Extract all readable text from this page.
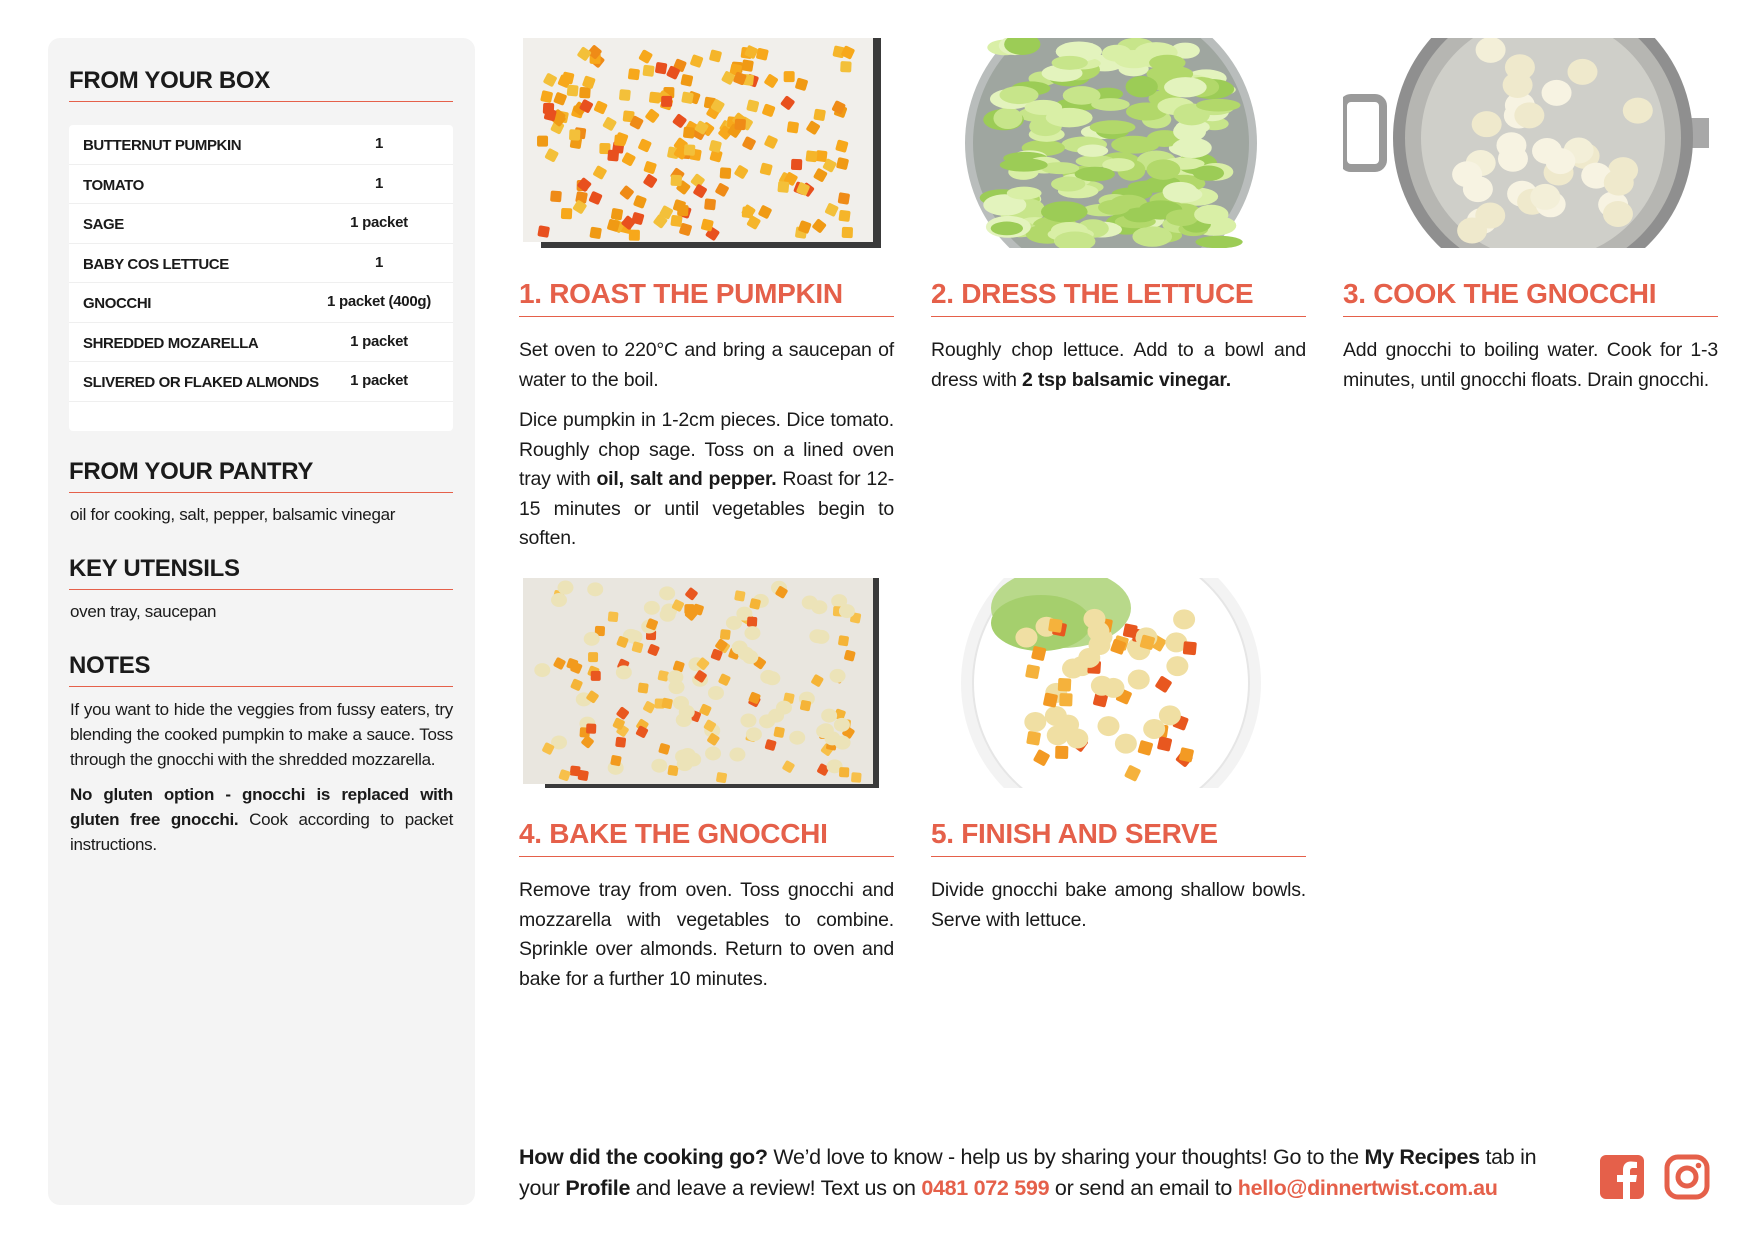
FROM YOUR BOX
BUTTERNUT PUMPKIN	1
TOMATO	1
SAGE	1 packet
BABY COS LETTUCE	1
GNOCCHI	1 packet (400g)
SHREDDED MOZARELLA	1 packet
SLIVERED OR FLAKED ALMONDS	1 packet
FROM YOUR PANTRY
oil for cooking, salt, pepper, balsamic vinegar
KEY UTENSILS
oven tray, saucepan
NOTES

If you want to hide the veggies from fussy eaters, try blending the cooked pumpkin to make a sauce. Toss through the gnocchi with the shredded mozzarella.

No gluten option - gnocchi is replaced with gluten free gnocchi. Cook according to packet instructions.

1. ROAST THE PUMPKIN

Set oven to 220°C and bring a saucepan of water to the boil.

Dice pumpkin in 1-2cm pieces. Dice tomato. Roughly chop sage. Toss on a lined oven tray with oil, salt and pepper. Roast for 12-15 minutes or until vegetables begin to soften.

2. DRESS THE LETTUCE

Roughly chop lettuce. Add to a bowl and dress with 2 tsp balsamic vinegar.

3. COOK THE GNOCCHI

Add gnocchi to boiling water. Cook for 1-3 minutes, until gnocchi floats. Drain gnocchi.

4. BAKE THE GNOCCHI

Remove tray from oven. Toss gnocchi and mozzarella with vegetables to combine. Sprinkle over almonds. Return to oven and bake for a further 10 minutes.

5. FINISH AND SERVE

Divide gnocchi bake among shallow bowls. Serve with lettuce.

How did the cooking go? We’d love to know - help us by sharing your thoughts! Go to the My Recipes tab in your Profile and leave a review! Text us on 0481 072 599 or send an email to hello@dinnertwist.com.au
